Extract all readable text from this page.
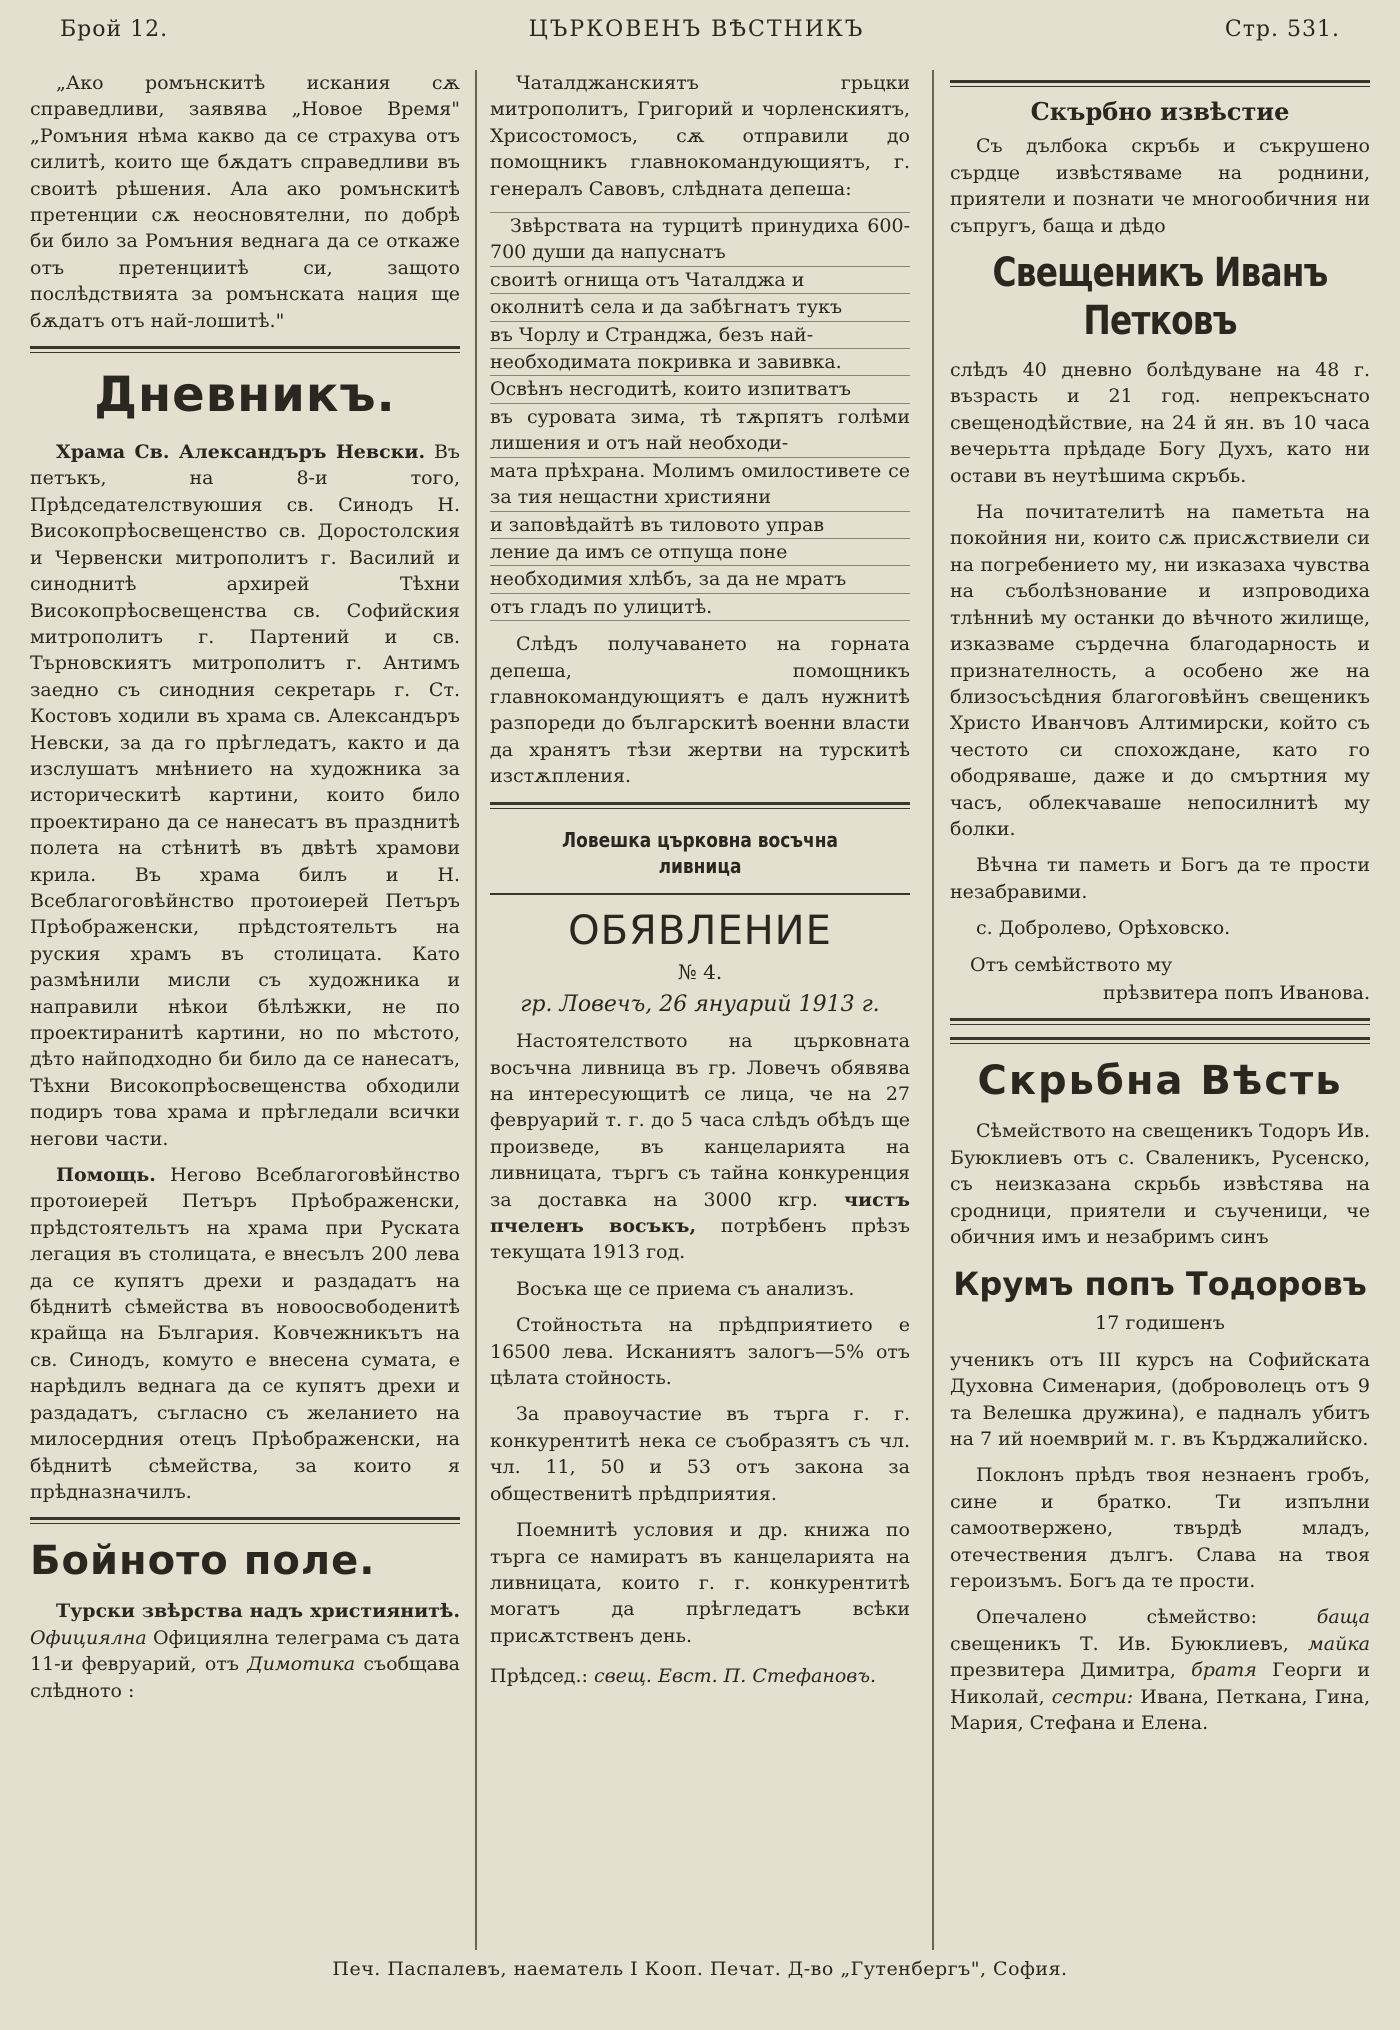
Брой 12.	ЦЪРКОВЕНЪ ВѢСТНИКЪ	Стр. 531.

„Ако ромънскитѣ искания сѫ справедливи, заявява „Новое Время" „Ромъния нѣма какво да се страхува отъ силитѣ, които ще бѫдатъ справедливи въ своитѣ рѣшения. Ала ако ромънскитѣ претенции сѫ неосновятелни, по добрѣ би било за Ромъния веднага да се откаже отъ претенциитѣ си, защото послѣдствията за ромънската нация ще бѫдатъ отъ най-лошитѣ."

Дневникъ.

Храма Св. Александъръ Невски. Въ петъкъ, на 8-и того, Прѣдседателствуюшия св. Синодъ Н. Високопрѣосвещенство св. Доростолския и Червенски митрополитъ г. Василий и синоднитѣ архирей Тѣхни Високопрѣосвещенства св. Софийския митрополитъ г. Партений и св. Търновскиятъ митрополитъ г. Антимъ заедно съ синодния секретарь г. Ст. Костовъ ходили въ храма св. Александъръ Невски, за да го прѣгледатъ, както и да изслушатъ мнѣнието на художника за историческитѣ картини, които било проектирано да се нанесатъ въ празднитѣ полета на стѣнитѣ въ двѣтѣ храмови крила. Въ храма билъ и Н. Всеблагоговѣйнство протоиерей Петъръ Прѣображенски, прѣдстоятельтъ на руския храмъ въ столицата. Като размѣнили мисли съ художника и направили нѣкои бѣлѣжки, не по проектиранитѣ картини, но по мѣстото, дѣто найподходно би било да се нанесатъ, Тѣхни Високопрѣосвещенства обходили подиръ това храма и прѣгледали всички негови части.

Помощь. Негово Всеблагоговѣйнство протоиерей Петъръ Прѣображенски, прѣдстоятельтъ на храма при Руската легация въ столицата, е внесълъ 200 лева да се купятъ дрехи и раздадатъ на бѣднитѣ сѣмейства въ новоосвободенитѣ крайща на България. Ковчежникътъ на св. Синодъ, комуто е внесена сумата, е нарѣдилъ веднага да се купятъ дрехи и раздадатъ, съгласно съ желанието на милосердния отецъ Прѣображенски, на бѣднитѣ сѣмейства, за които я прѣдназначилъ.

Бойното поле.

Турски звѣрства надъ християнитѣ. Официялна Официялна телеграма съ дата 11-и февруарий, отъ Димотика съобщава слѣдното :

Чаталджанскиятъ грьцки митрополитъ, Григорий и чорленскиятъ, Хрисостомосъ, сѫ отправили до помощникъ главнокомандующиятъ, г. генералъ Савовъ, слѣдната депеша:

Звѣрствата на турцитѣ принудиха 600- 700 души да напуснатъ
своитѣ огнища отъ Чаталджа и
околнитѣ села и да забѣгнатъ тукъ
въ Чорлу и Странджа, безъ най-
необходимата покривка и завивка.
Освѣнъ несгодитѣ, които изпитватъ
въ суровата зима, тѣ тѫрпятъ голѣми лишения и отъ най необходи-
мата прѣхрана. Молимъ омилостивете се за тия нещастни християни
и заповѣдайтѣ въ тиловото управ
ление да имъ се отпуща поне
необходимия хлѣбъ, за да не мратъ
отъ гладъ по улицитѣ.

Слѣдъ получаването на горната депеша, помощникъ главнокомандующиятъ е далъ нужнитѣ разпореди до българскитѣ военни власти да хранятъ тѣзи жертви на турскитѣ изстѫпления.

Ловешка църковна восъчна ливница
ОБЯВЛЕНИЕ
№ 4.
гр. Ловечъ, 26 януарий 1913 г.

Настоятелството на църковната восъчна ливница въ гр. Ловечъ обявява на интересующитѣ се лица, че на 27 февруарий т. г. до 5 часа слѣдъ обѣдъ ще произведе, въ канцеларията на ливницата, търгъ съ тайна конкуренция за доставка на 3000 кгр. чистъ пчеленъ восъкъ, потрѣбенъ прѣзъ текущата 1913 год.

Восъка ще се приема съ анализъ.

Стойностьта на прѣдприятието е 16500 лева. Исканиятъ залогъ—5% отъ цѣлата стойность.

За правоучастие въ търга г. г. конкурентитѣ нека се съобразятъ съ чл. чл. 11, 50 и 53 отъ закона за общественитѣ прѣдприятия.

Поемнитѣ условия и др. книжа по търга се намиратъ въ канцеларията на ливницата, които г. г. конкурентитѣ могатъ да прѣгледатъ всѣки присѫтственъ день.

Прѣдсед.: свещ. Евст. П. Стефановъ.

Скърбно извѣстие

Съ дълбока скръбь и съкрушено сърдце извѣстяваме на роднини, приятели и познати че многообичния ни съпругъ, баща и дѣдо

Свещеникъ Иванъ Петковъ

слѣдъ 40 дневно болѣдуване на 48 г. възрасть и 21 год. непрекъснато свещенодѣйствие, на 24 й ян. въ 10 часа вечерьтта прѣдаде Богу Духъ, като ни остави въ неутѣшима скръбь.

На почитателитѣ на паметьта на покойния ни, които сѫ присѫствиели си на погребението му, ни изказаха чувства на съболѣзнование и изпроводиха тлѣнниѣ му останки до вѣчното жилище, изказваме сърдечна благодарность и признателность, а особено же на близосъсѣдния благоговѣйнъ свещеникъ Христо Иванчовъ Алтимирски, който съ честото си спохождане, като го ободряваше, даже и до смъртния му часъ, облекчаваше непосилнитѣ му болки.

Вѣчна ти паметь и Богъ да те прости незабравими.

с. Добролево, Орѣховско.

Отъ семѣйството му

прѣзвитера попъ Иванова.

Скрьбна Вѣсть

Сѣмейството на свещеникъ Тодоръ Ив. Буюклиевъ отъ с. Сваленикъ, Русенско, съ неизказана скрьбь извѣстява на сродници, приятели и съученици, че обичния имъ и незабримъ синъ

Крумъ попъ Тодоровъ
17 годишенъ

ученикъ отъ III курсъ на Софийската Духовна Сименария, (доброволецъ отъ 9 та Велешка дружина), е падналъ убитъ на 7 ий ноемврий м. г. въ Кърджалийско.

Поклонъ прѣдъ твоя незнаенъ гробъ, сине и братко. Ти изпълни самоотвержено, твърдѣ младъ, отечествения дългъ. Слава на твоя героизъмъ. Богъ да те прости.

Опечалено сѣмейство:	баща свещеникъ Т. Ив. Буюклиевъ, майка презвитера Димитра, братя Георги и Николай, сестри: Ивана, Петкана, Гина, Мария, Стефана и Елена.

Печ. Паспалевъ, наематель I Кооп. Печат. Д-во „Гутенбергъ", София.
